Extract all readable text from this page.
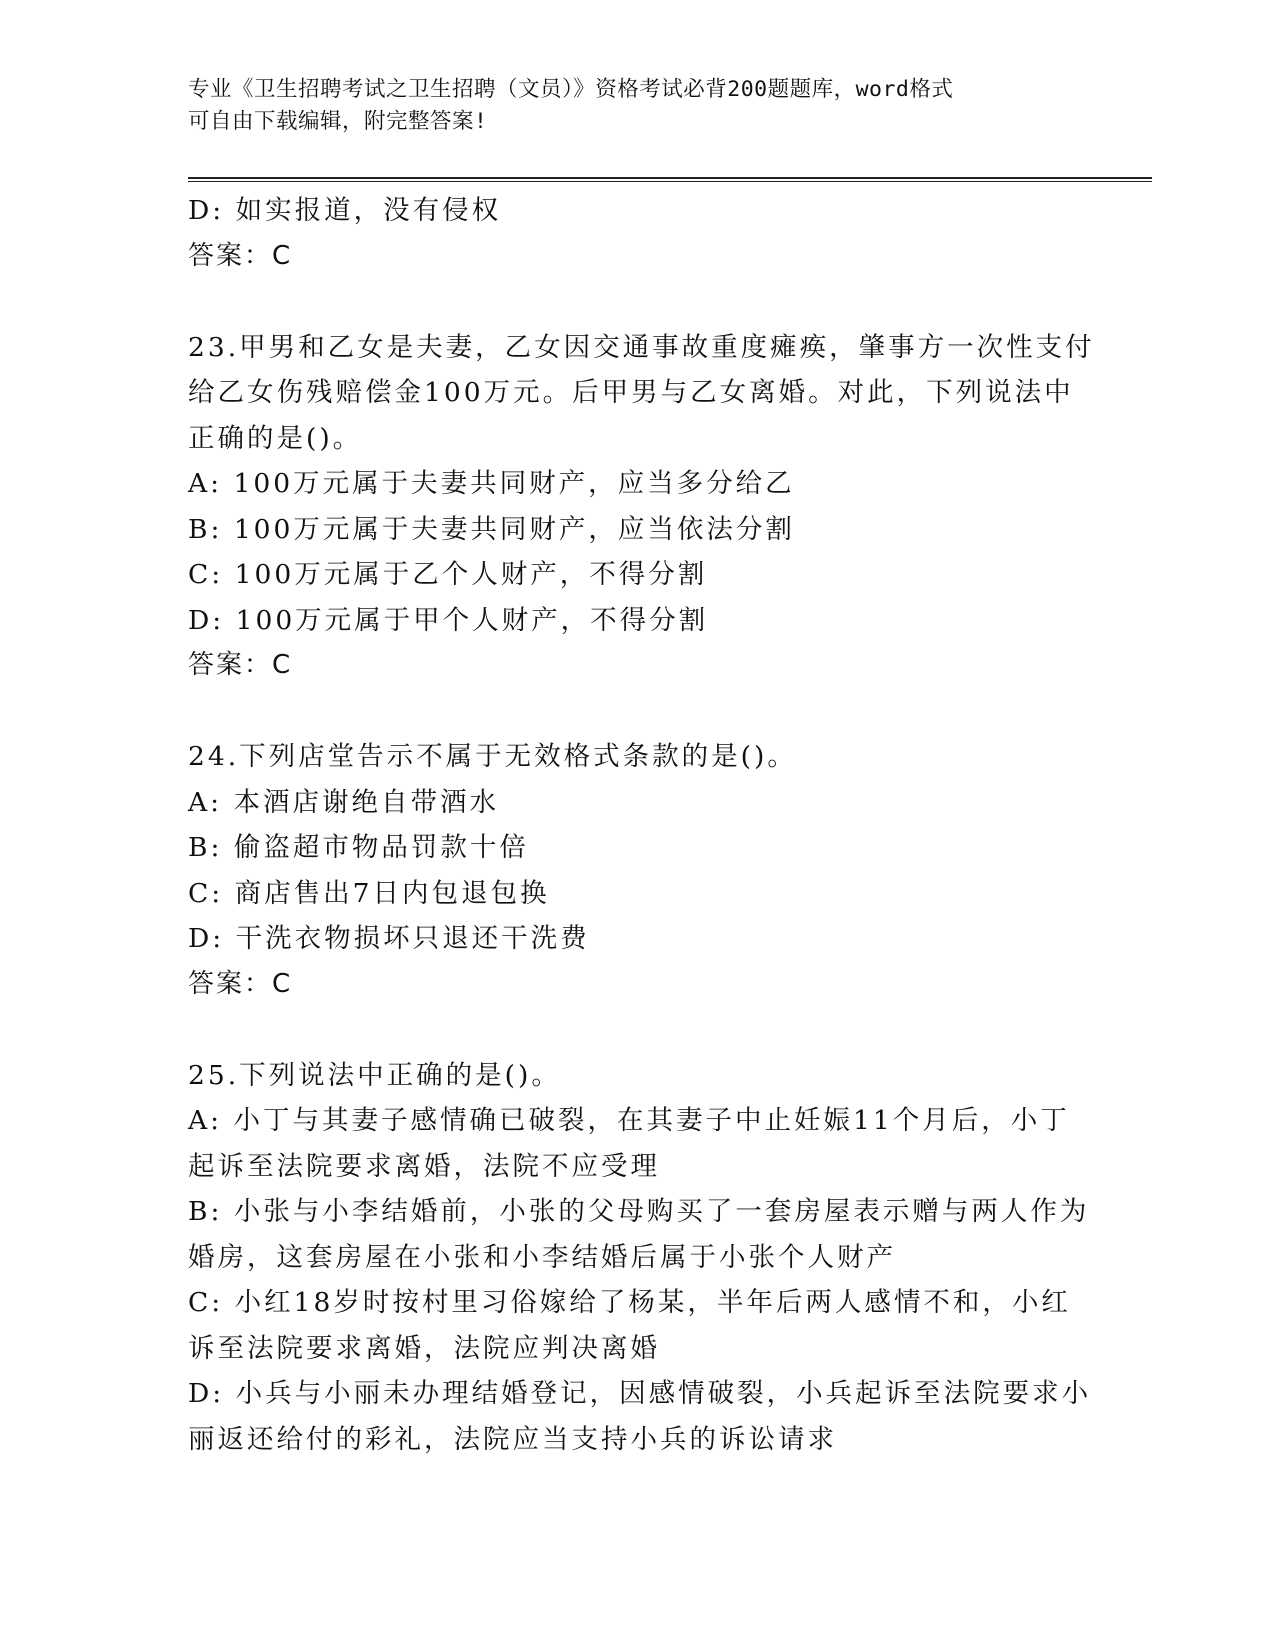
专业《卫生招聘考试之卫生招聘（文员）》资格考试必背200题题库，word格式
可自由下载编辑，附完整答案!
D: 如实报道，没有侵权
答案：C
23.甲男和乙女是夫妻，乙女因交通事故重度瘫痪，肇事方一次性支付
给乙女伤残赔偿金100万元。后甲男与乙女离婚。对此，下列说法中
正确的是()。
A: 100万元属于夫妻共同财产，应当多分给乙
B: 100万元属于夫妻共同财产，应当依法分割
C: 100万元属于乙个人财产，不得分割
D: 100万元属于甲个人财产，不得分割
答案：C
24.下列店堂告示不属于无效格式条款的是()。
A: 本酒店谢绝自带酒水
B: 偷盗超市物品罚款十倍
C: 商店售出7日内包退包换
D: 干洗衣物损坏只退还干洗费
答案：C
25.下列说法中正确的是()。
A: 小丁与其妻子感情确已破裂，在其妻子中止妊娠11个月后，小丁
起诉至法院要求离婚，法院不应受理
B: 小张与小李结婚前，小张的父母购买了一套房屋表示赠与两人作为
婚房，这套房屋在小张和小李结婚后属于小张个人财产
C: 小红18岁时按村里习俗嫁给了杨某，半年后两人感情不和，小红
诉至法院要求离婚，法院应判决离婚
D: 小兵与小丽未办理结婚登记，因感情破裂，小兵起诉至法院要求小
丽返还给付的彩礼，法院应当支持小兵的诉讼请求
